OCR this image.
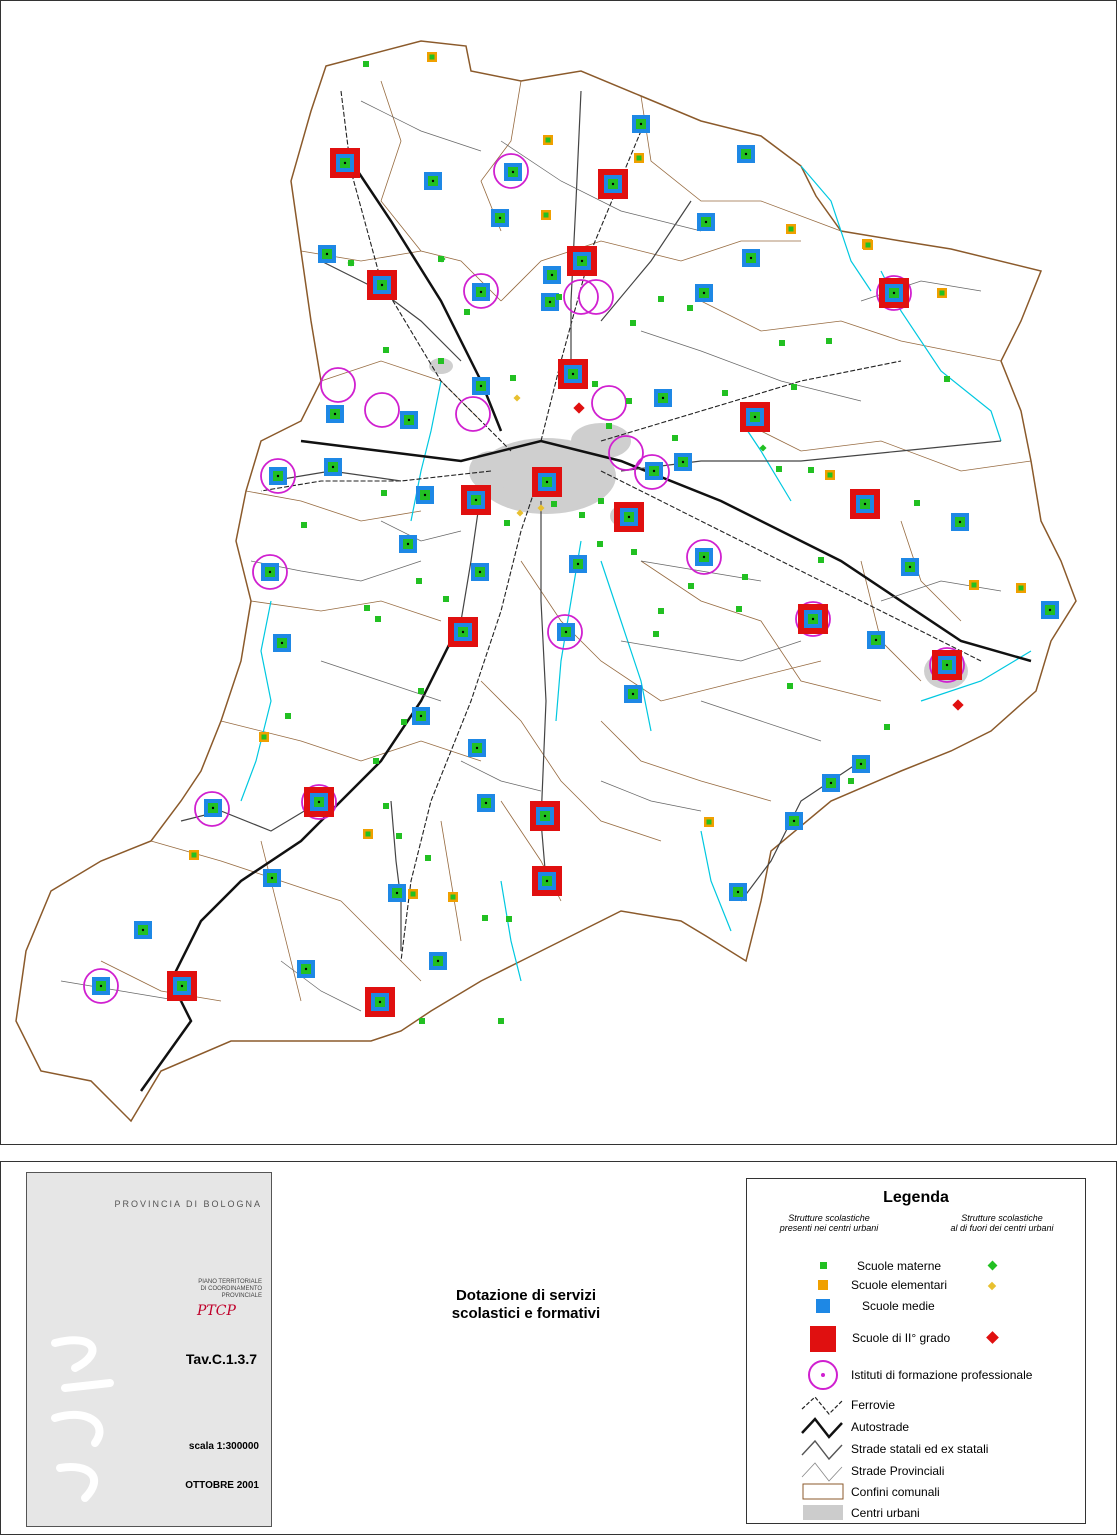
PROVINCIA DI BOLOGNA
PIANO TERRITORIALE
DI COORDINAMENTO
PROVINCIALE
PTCP
Tav.C.1.3.7
scala 1:300000
OTTOBRE 2001
Dotazione di servizi
scolastici e formativi
Legenda
Strutture scolastiche
presenti nei centri urbani
Strutture scolastiche
al di fuori dei centri urbani
Scuole materne
Scuole elementari
Scuole medie
Scuole di II° grado
Istituti di formazione professionale
Ferrovie
Autostrade
Strade statali ed ex statali
Strade Provinciali
Confini comunali
Centri urbani
